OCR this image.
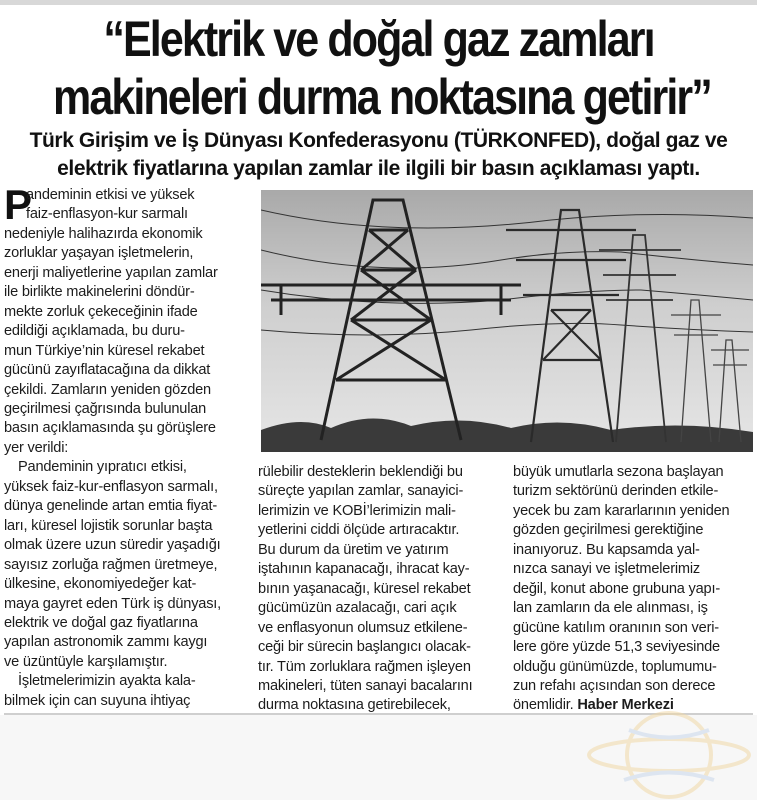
“Elektrik ve doğal gaz zamları
makineleri durma noktasına getirir”

Türk Girişim ve İş Dünyası Konfederasyonu (TÜRKONFED), doğal gaz ve
elektrik fiyatlarına yapılan zamlar ile ilgili bir basın açıklaması yaptı.

P
andeminin etkisi ve yüksek
faiz-enflasyon-kur sarmalı
nedeniyle halihazırda ekonomik
zorluklar yaşayan işletmelerin,
enerji maliyetlerine yapılan zamlar
ile birlikte makinelerini döndür-
mekte zorluk çekeceğinin ifade
edildiği açıklamada, bu duru-
mun Türkiye’nin küresel rekabet
gücünü zayıflatacağına da dikkat
çekildi. Zamların yeniden gözden
geçirilmesi çağrısında bulunulan
basın açıklamasında şu görüşlere
yer verildi:
Pandeminin yıpratıcı etkisi,
yüksek faiz-kur-enflasyon sarmalı,
dünya genelinde artan emtia fiyat-
ları, küresel lojistik sorunlar başta
olmak üzere uzun süredir yaşadığı
sayısız zorluğa rağmen üretmeye,
ülkesine, ekonomiyedeğer kat-
maya gayret eden Türk iş dünyası,
elektrik ve doğal gaz fiyatlarına
yapılan astronomik zammı kaygı
ve üzüntüyle karşılamıştır.
İşletmelerimizin ayakta kala-
bilmek için can suyuna ihtiyaç
rülebilir desteklerin beklendiği bu
süreçte yapılan zamlar, sanayici-
lerimizin ve KOBİ’lerimizin mali-
yetlerini ciddi ölçüde artıracaktır.
Bu durum da üretim ve yatırım
iştahının kapanacağı, ihracat kay-
bının yaşanacağı, küresel rekabet
gücümüzün azalacağı, cari açık
ve enflasyonun olumsuz etkilene-
ceği bir sürecin başlangıcı olacak-
tır. Tüm zorluklara rağmen işleyen
makineleri, tüten sanayi bacalarını
durma noktasına getirebilecek,
büyük umutlarla sezona başlayan
turizm sektörünü derinden etkile-
yecek bu zam kararlarının yeniden
gözden geçirilmesi gerektiğine
inanıyoruz. Bu kapsamda yal-
nızca sanayi ve işletmelerimiz
değil, konut abone grubuna yapı-
lan zamların da ele alınması, iş
gücüne katılım oranının son veri-
lere göre yüzde 51,3 seviyesinde
olduğu günümüzde, toplumumu-
zun refahı açısından son derece
önemlidir. Haber Merkezi
